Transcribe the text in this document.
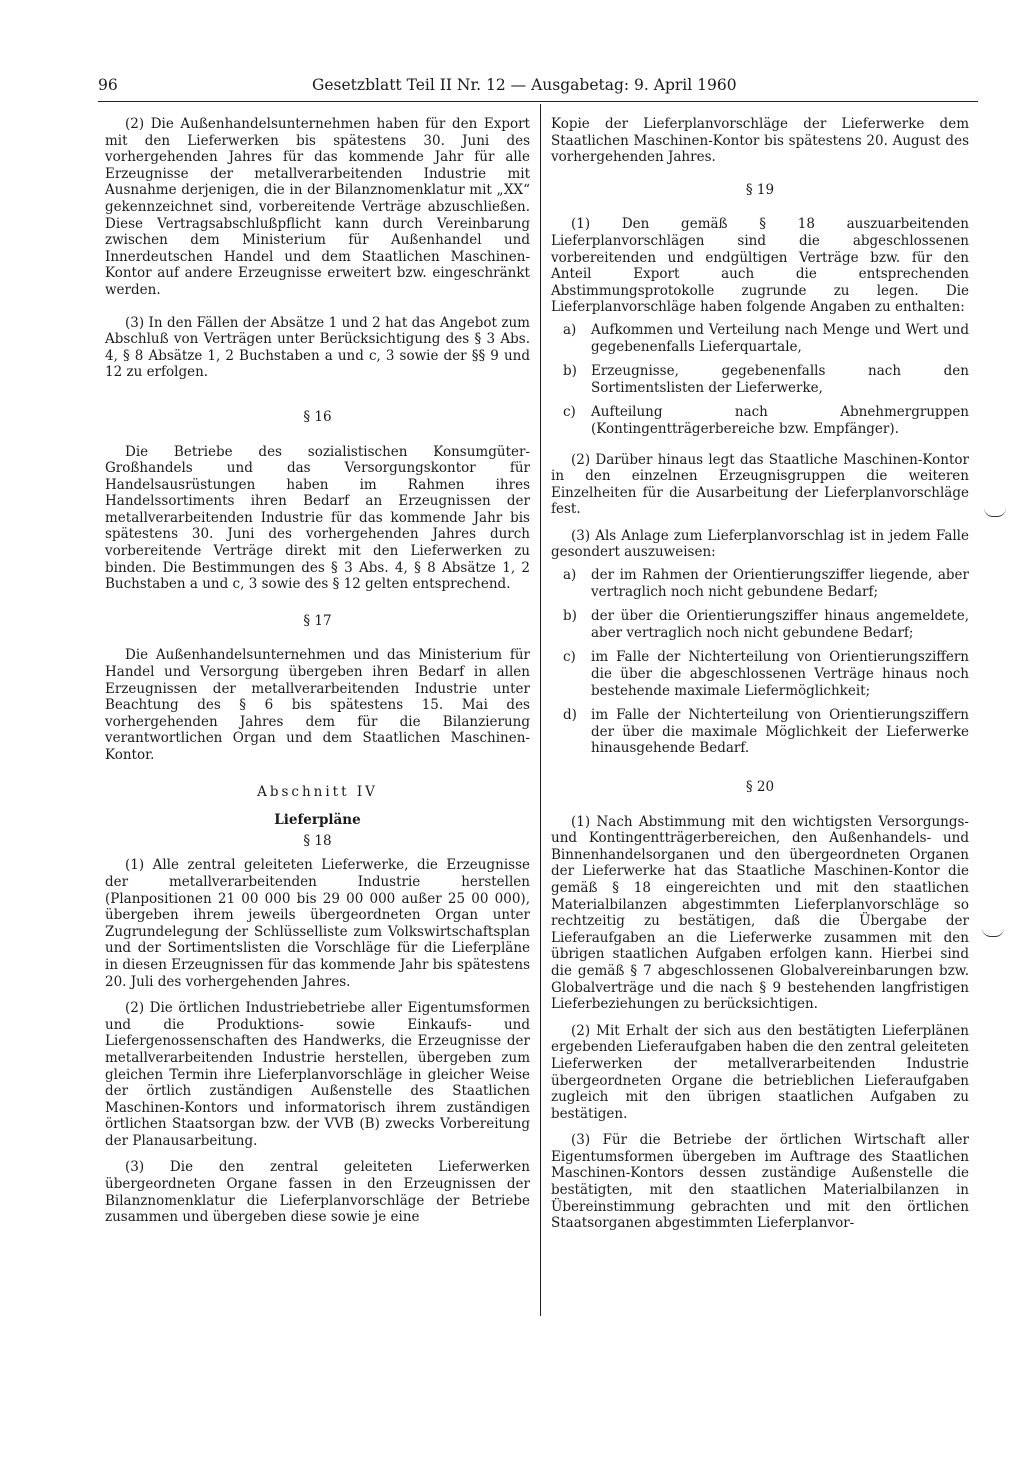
96	Gesetzblatt Teil II Nr. 12 — Ausgabetag: 9. April 1960

(2) Die Außenhandelsunternehmen haben für den Export mit den Lieferwerken bis spätestens 30. Juni des vorhergehenden Jahres für das kommende Jahr für alle Erzeugnisse der metallverarbeitenden Industrie mit Ausnahme derjenigen, die in der Bilanznomenklatur mit „XX“ gekennzeichnet sind, vorbereitende Verträge abzuschließen. Diese Vertragsabschlußpflicht kann durch Vereinbarung zwischen dem Ministerium für Außenhandel und Innerdeutschen Handel und dem Staatlichen Maschinen-Kontor auf andere Erzeugnisse erweitert bzw. eingeschränkt werden.

(3) In den Fällen der Absätze 1 und 2 hat das Angebot zum Abschluß von Verträgen unter Berücksichtigung des § 3 Abs. 4, § 8 Absätze 1, 2 Buchstaben a und c, 3 sowie der §§ 9 und 12 zu erfolgen.

§ 16

Die Betriebe des sozialistischen Konsumgüter-Großhandels und das Versorgungskontor für Handelsausrüstungen haben im Rahmen ihres Handelssortiments ihren Bedarf an Erzeugnissen der metallverarbeitenden Industrie für das kommende Jahr bis spätestens 30. Juni des vorhergehenden Jahres durch vorbereitende Verträge direkt mit den Lieferwerken zu binden. Die Bestimmungen des § 3 Abs. 4, § 8 Absätze 1, 2 Buchstaben a und c, 3 sowie des § 12 gelten entsprechend.

§ 17

Die Außenhandelsunternehmen und das Ministerium für Handel und Versorgung übergeben ihren Bedarf in allen Erzeugnissen der metallverarbeitenden Industrie unter Beachtung des § 6 bis spätestens 15. Mai des vorhergehenden Jahres dem für die Bilanzierung verantwortlichen Organ und dem Staatlichen Maschinen-Kontor.

Abschnitt IV
Lieferpläne
§ 18

(1) Alle zentral geleiteten Lieferwerke, die Erzeugnisse der metallverarbeitenden Industrie herstellen (Planpositionen 21 00 000 bis 29 00 000 außer 25 00 000), übergeben ihrem jeweils übergeordneten Organ unter Zugrundelegung der Schlüsselliste zum Volkswirtschaftsplan und der Sortimentslisten die Vorschläge für die Lieferpläne in diesen Erzeugnissen für das kommende Jahr bis spätestens 20. Juli des vorhergehenden Jahres.

(2) Die örtlichen Industriebetriebe aller Eigentumsformen und die Produktions- sowie Einkaufs- und Liefergenossenschaften des Handwerks, die Erzeugnisse der metallverarbeitenden Industrie herstellen, übergeben zum gleichen Termin ihre Lieferplanvorschläge in gleicher Weise der örtlich zuständigen Außenstelle des Staatlichen Maschinen-Kontors und informatorisch ihrem zuständigen örtlichen Staatsorgan bzw. der VVB (B) zwecks Vorbereitung der Planausarbeitung.

(3) Die den zentral geleiteten Lieferwerken übergeordneten Organe fassen in den Erzeugnissen der Bilanznomenklatur die Lieferplanvorschläge der Betriebe zusammen und übergeben diese sowie je eine

Kopie der Lieferplanvorschläge der Lieferwerke dem Staatlichen Maschinen-Kontor bis spätestens 20. August des vorhergehenden Jahres.

§ 19

(1) Den gemäß § 18 auszuarbeitenden Lieferplanvorschlägen sind die abgeschlossenen vorbereitenden und endgültigen Verträge bzw. für den Anteil Export auch die entsprechenden Abstimmungsprotokolle zugrunde zu legen. Die Lieferplanvorschläge haben folgende Angaben zu enthalten:

a) Aufkommen und Verteilung nach Menge und Wert und gegebenenfalls Lieferquartale,
b) Erzeugnisse, gegebenenfalls nach den Sortimentslisten der Lieferwerke,
c) Aufteilung nach Abnehmergruppen (Kontingentträgerbereiche bzw. Empfänger).

(2) Darüber hinaus legt das Staatliche Maschinen-Kontor in den einzelnen Erzeugnisgruppen die weiteren Einzelheiten für die Ausarbeitung der Lieferplanvorschläge fest.

(3) Als Anlage zum Lieferplanvorschlag ist in jedem Falle gesondert auszuweisen:

a) der im Rahmen der Orientierungsziffer liegende, aber vertraglich noch nicht gebundene Bedarf;
b) der über die Orientierungsziffer hinaus angemeldete, aber vertraglich noch nicht gebundene Bedarf;
c) im Falle der Nichterteilung von Orientierungsziffern die über die abgeschlossenen Verträge hinaus noch bestehende maximale Liefermöglichkeit;
d) im Falle der Nichterteilung von Orientierungsziffern der über die maximale Möglichkeit der Lieferwerke hinausgehende Bedarf.
§ 20

(1) Nach Abstimmung mit den wichtigsten Versorgungs- und Kontingentträgerbereichen, den Außenhandels- und Binnenhandelsorganen und den übergeordneten Organen der Lieferwerke hat das Staatliche Maschinen-Kontor die gemäß § 18 eingereichten und mit den staatlichen Materialbilanzen abgestimmten Lieferplanvorschläge so rechtzeitig zu bestätigen, daß die Übergabe der Lieferaufgaben an die Lieferwerke zusammen mit den übrigen staatlichen Aufgaben erfolgen kann. Hierbei sind die gemäß § 7 abgeschlossenen Globalvereinbarungen bzw. Globalverträge und die nach § 9 bestehenden langfristigen Lieferbeziehungen zu berücksichtigen.

(2) Mit Erhalt der sich aus den bestätigten Lieferplänen ergebenden Lieferaufgaben haben die den zentral geleiteten Lieferwerken der metallverarbeitenden Industrie übergeordneten Organe die betrieblichen Lieferaufgaben zugleich mit den übrigen staatlichen Aufgaben zu bestätigen.

(3) Für die Betriebe der örtlichen Wirtschaft aller Eigentumsformen übergeben im Auftrage des Staatlichen Maschinen-Kontors dessen zuständige Außenstelle die bestätigten, mit den staatlichen Materialbilanzen in Übereinstimmung gebrachten und mit den örtlichen Staatsorganen abgestimmten Lieferplanvor-
